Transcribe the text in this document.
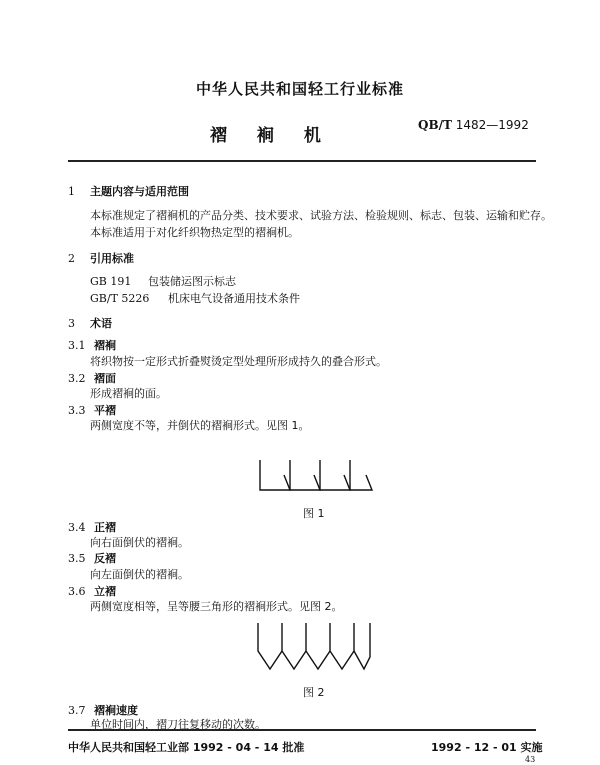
中华人民共和国轻工行业标准
褶 裥 机
QB/T 1482—1992
1 主题内容与适用范围
本标准规定了褶裥机的产品分类、技术要求、试验方法、检验规则、标志、包装、运输和贮存。
本标准适用于对化纤织物热定型的褶裥机。
2 引用标准
GB 191 包装储运图示标志
GB/T 5226 机床电气设备通用技术条件
3 术语
3.1 褶裥
将织物按一定形式折叠熨烫定型处理所形成持久的叠合形式。
3.2 褶面
形成褶裥的面。
3.3 平褶
两侧宽度不等，并倒伏的褶裥形式。见图 1。
图 1
3.4 正褶
向右面倒伏的褶裥。
3.5 反褶
向左面倒伏的褶裥。
3.6 立褶
两侧宽度相等，呈等腰三角形的褶裥形式。见图 2。
图 2
3.7 褶裥速度
单位时间内，褶刀往复移动的次数。
中华人民共和国轻工业部 1992 - 04 - 14 批准	1992 - 12 - 01 实施
43
